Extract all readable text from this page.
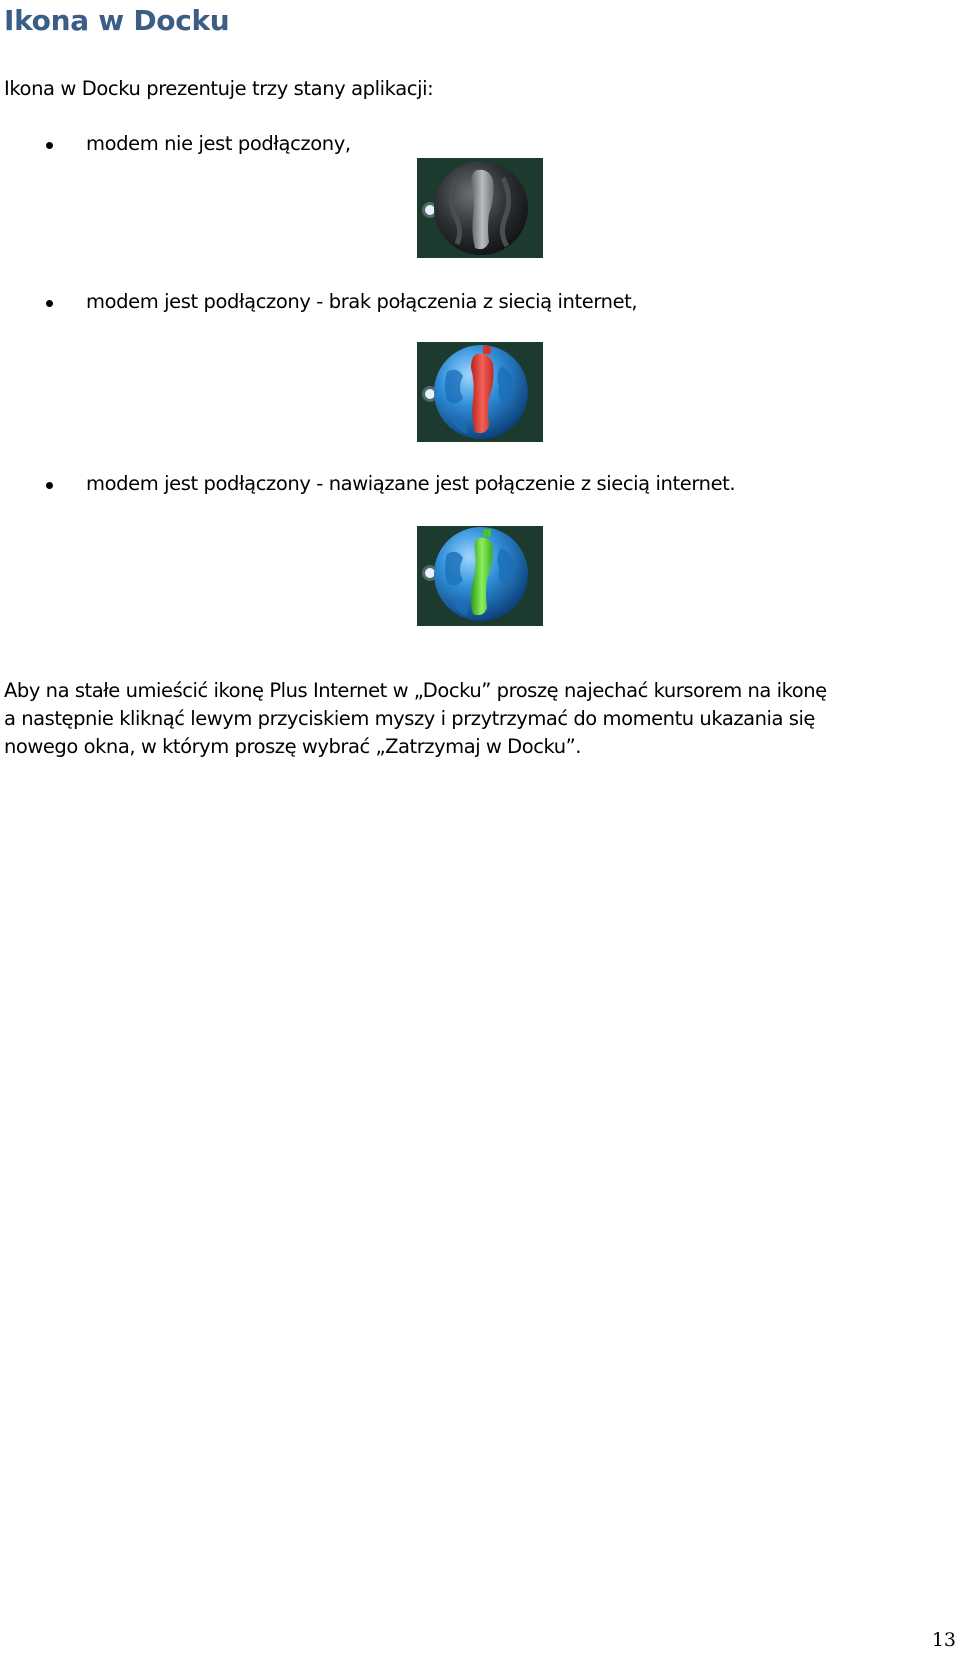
Ikona w Docku

Ikona w Docku prezentuje trzy stany aplikacji:

modem nie jest podłączony,
modem jest podłączony - brak połączenia z siecią internet,
modem jest podłączony - nawiązane jest połączenie z siecią internet.

Aby na stałe umieścić ikonę Plus Internet w „Docku” proszę najechać kursorem na ikonę
a następnie kliknąć lewym przyciskiem myszy i przytrzymać do momentu ukazania się
nowego okna, w którym proszę wybrać „Zatrzymaj w Docku”.

13
